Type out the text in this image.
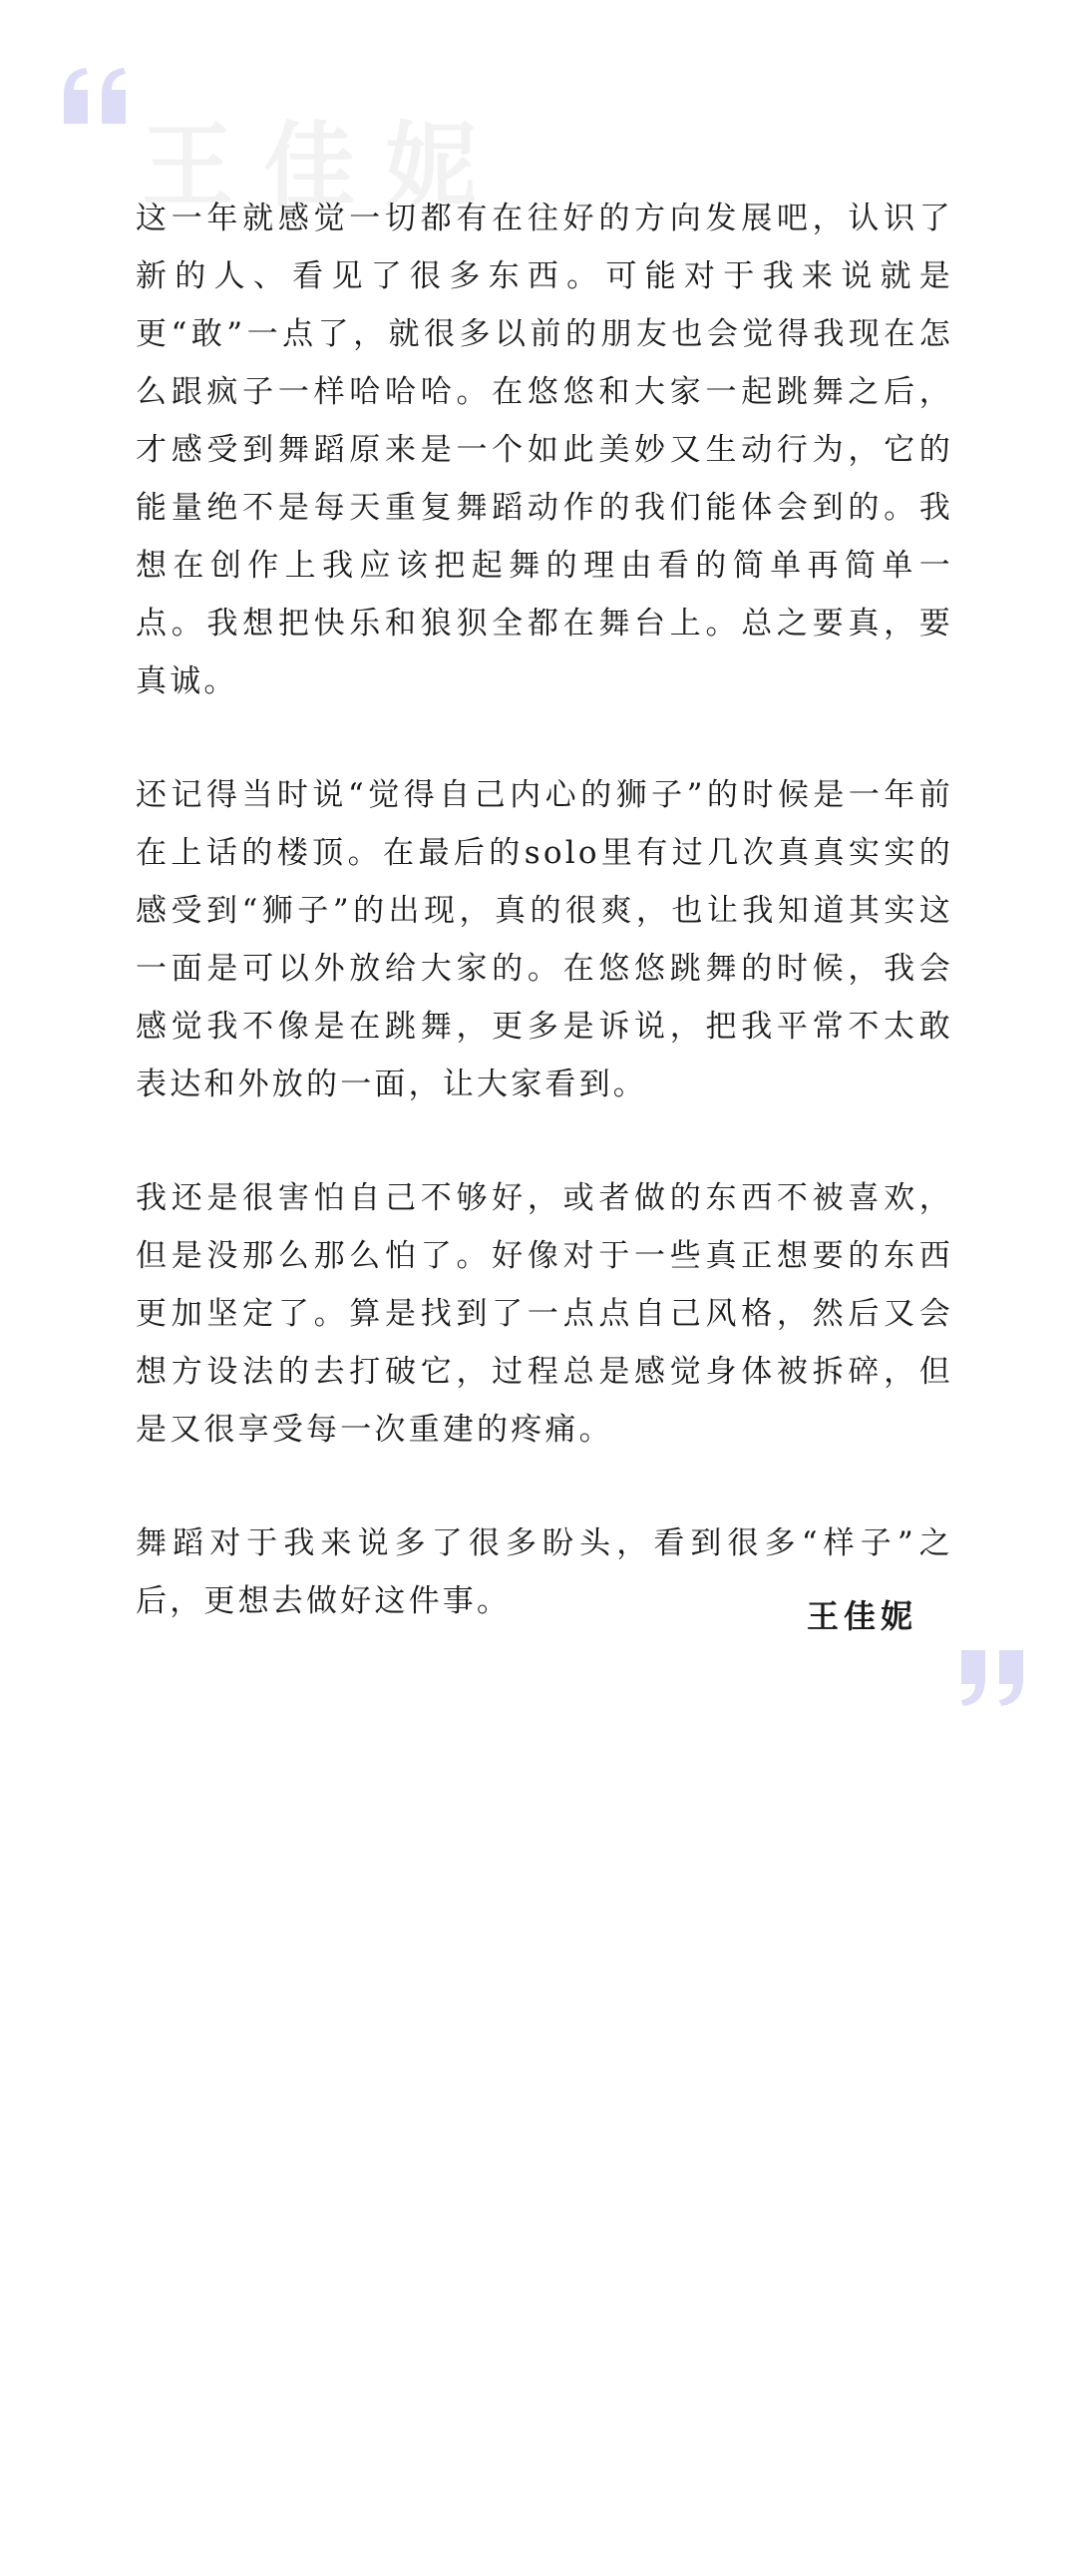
王佳妮

这一年就感觉一切都有在往好的方向发展吧，认识了新的人、看见了很多东西。可能对于我来说就是更“敢”一点了，就很多以前的朋友也会觉得我现在怎么跟疯子一样哈哈哈。在悠悠和大家一起跳舞之后，才感受到舞蹈原来是一个如此美妙又生动行为，它的能量绝不是每天重复舞蹈动作的我们能体会到的。我想在创作上我应该把起舞的理由看的简单再简单一点。我想把快乐和狼狈全都在舞台上。总之要真，要真诚。

还记得当时说“觉得自己内心的狮子”的时候是一年前在上话的楼顶。在最后的solo里有过几次真真实实的感受到“狮子”的出现，真的很爽，也让我知道其实这一面是可以外放给大家的。在悠悠跳舞的时候，我会感觉我不像是在跳舞，更多是诉说，把我平常不太敢表达和外放的一面，让大家看到。

我还是很害怕自己不够好，或者做的东西不被喜欢，但是没那么那么怕了。好像对于一些真正想要的东西更加坚定了。算是找到了一点点自己风格，然后又会想方设法的去打破它，过程总是感觉身体被拆碎，但是又很享受每一次重建的疼痛。

舞蹈对于我来说多了很多盼头，看到很多“样子”之后，更想去做好这件事。	王佳妮
